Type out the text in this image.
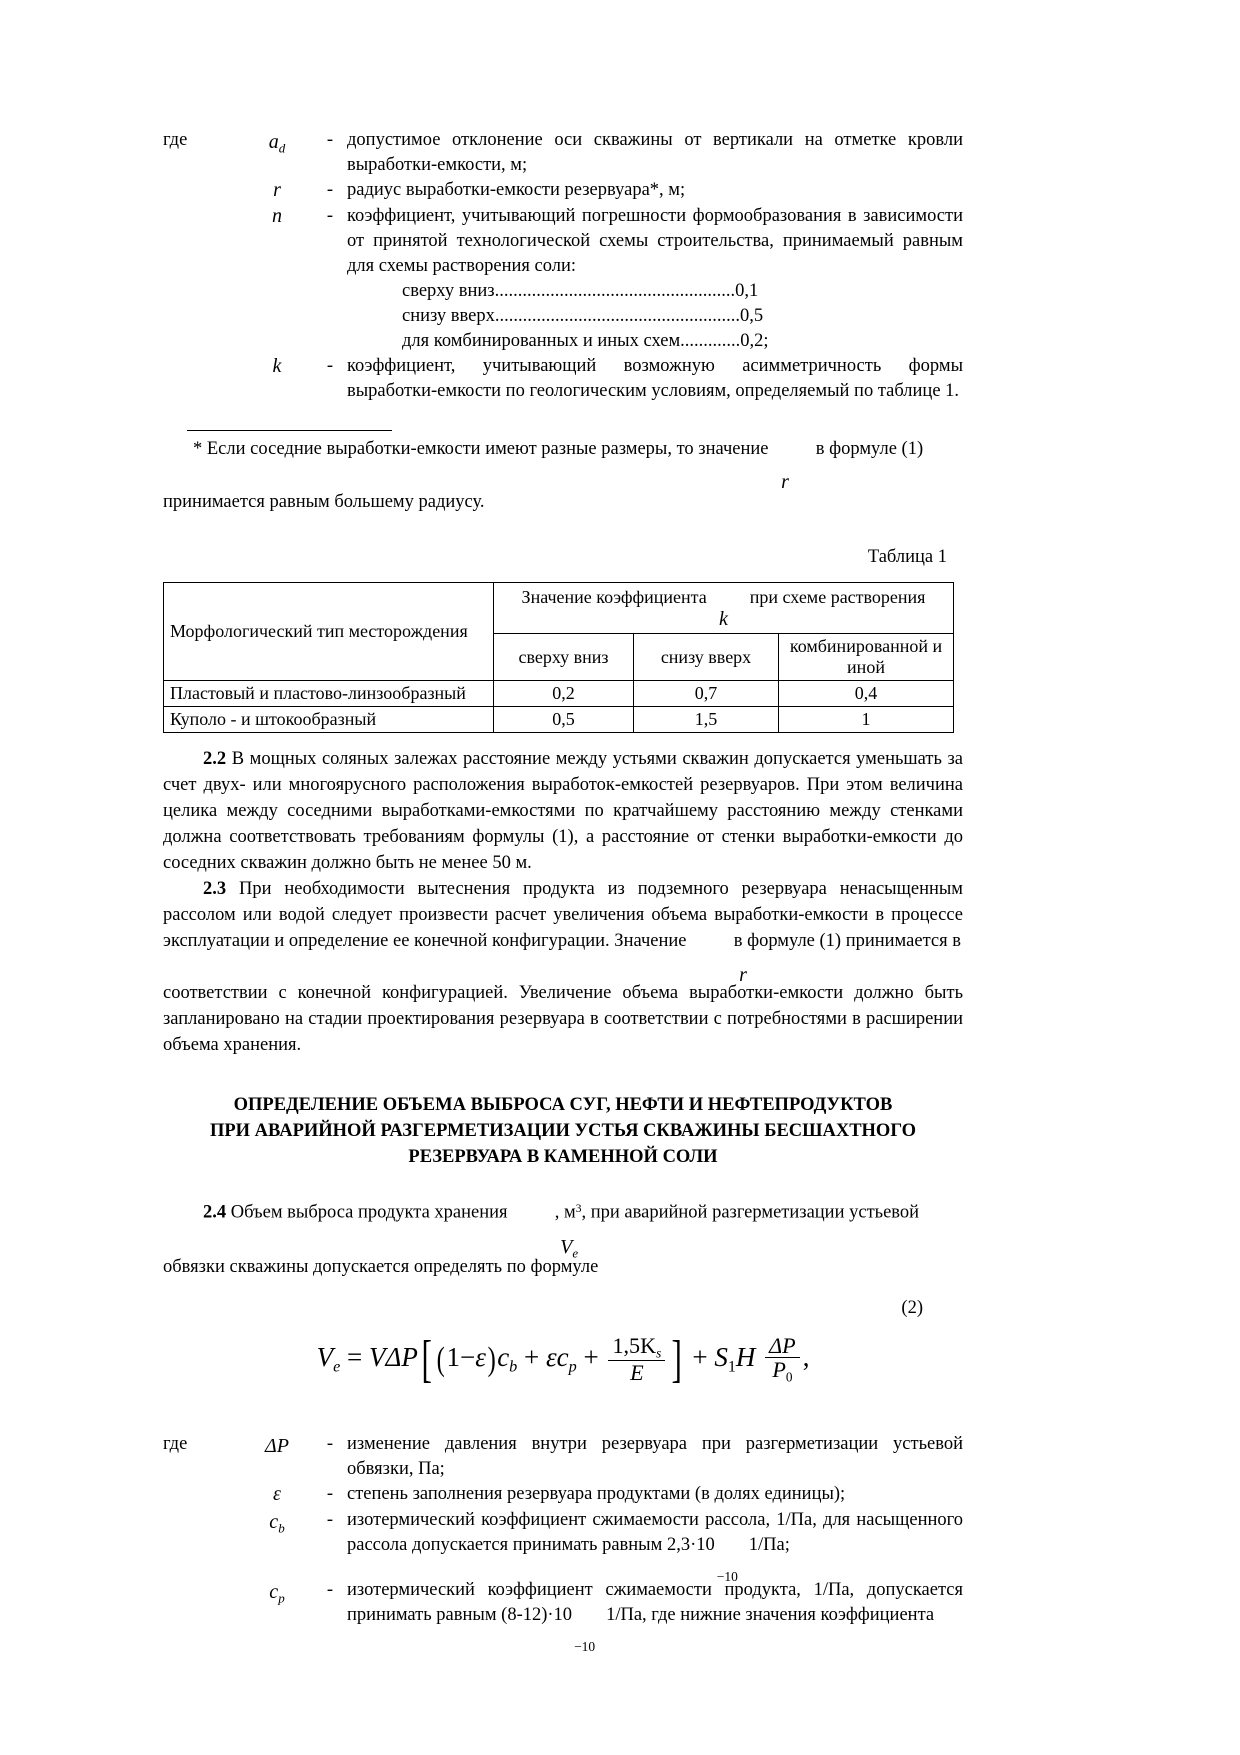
где	$a_d$	-	допустимое отклонение оси скважины от вертикали на отметке кровли выработки-емкости, м;
	r	-	радиус выработки-емкости резервуара*, м;
	n	-	коэффициент, учитывающий погрешности формообразования в зависимости от принятой технологической схемы строительства, принимаемый равным для схемы растворения соли:

			сверху вниз....................................................0,1
снизу вверх.....................................................0,5
для комбинированных и иных схем.............0,2;

	k	-	коэффициент, учитывающий возможную асимметричность формы выработки-емкости по геологическим условиям, определяемый по таблице 1.
* Если соседние выработки-емкости имеют разные размеры, то значение
r
в формуле (1)
принимается равным большему радиусу.
Таблица 1
Морфологический тип месторождения	Значение коэффициента при схеме растворения
k		

	сверху вниз	снизу вверх	комбинированной и иной
Пластовый и пластово-линзообразный	0,2	0,7	0,4
Куполо - и штокообразный	0,5	1,5	1

2.2 В мощных соляных залежах расстояние между устьями скважин допускается уменьшать за счет двух- или многоярусного расположения выработок-емкостей резервуаров. При этом величина целика между соседними выработками-емкостями по кратчайшему расстоянию между стенками должна соответствовать требованиям формулы (1), а расстояние от стенки выработки-емкости до соседних скважин должно быть не менее 50 м.

2.3 При необходимости вытеснения продукта из подземного резервуара ненасыщенным рассолом или водой следует произвести расчет увеличения объема выработки-емкости в процессе эксплуатации и определение ее конечной конфигурации. Значение
r
в формуле (1) принимается в

соответствии с конечной конфигурацией. Увеличение объема выработки-емкости должно быть запланировано на стадии проектирования резервуара в соответствии с потребностями в расширении объема хранения.

ОПРЕДЕЛЕНИЕ ОБЪЕМА ВЫБРОСА СУГ, НЕФТИ И НЕФТЕПРОДУКТОВ
ПРИ АВАРИЙНОЙ РАЗГЕРМЕТИЗАЦИИ УСТЬЯ СКВАЖИНЫ БЕСШАХТНОГО
РЕЗЕРВУАРА В КАМЕННОЙ СОЛИ

2.4 Объем выброса продукта хранения
$V_e$
, $м^3$, при аварийной разгерметизации устьевой

обвязки скважины допускается определять по формуле

(2)
$V_e = V\Delta P$[ $(1-\varepsilon)c_b + \varepsilon c_p + \frac{1,5K_s}{E}$ ] + $S_1H \frac{\Delta P}{P_0}$ ,
где	ΔP	-	изменение давления внутри резервуара при разгерметизации устьевой обвязки, Па;
	ε	-	степень заполнения резервуара продуктами (в долях единицы);

	$c_b$	-	изотермический коэффициент сжимаемости рассола, 1/Па, для насыщенного рассола допускается принимать равным 2,3·10
−10
1/Па;

	$c_p$	-	изотермический коэффициент сжимаемости продукта, 1/Па, допускается принимать равным (8-12)·10
−10
1/Па, где нижние значения коэффициента
